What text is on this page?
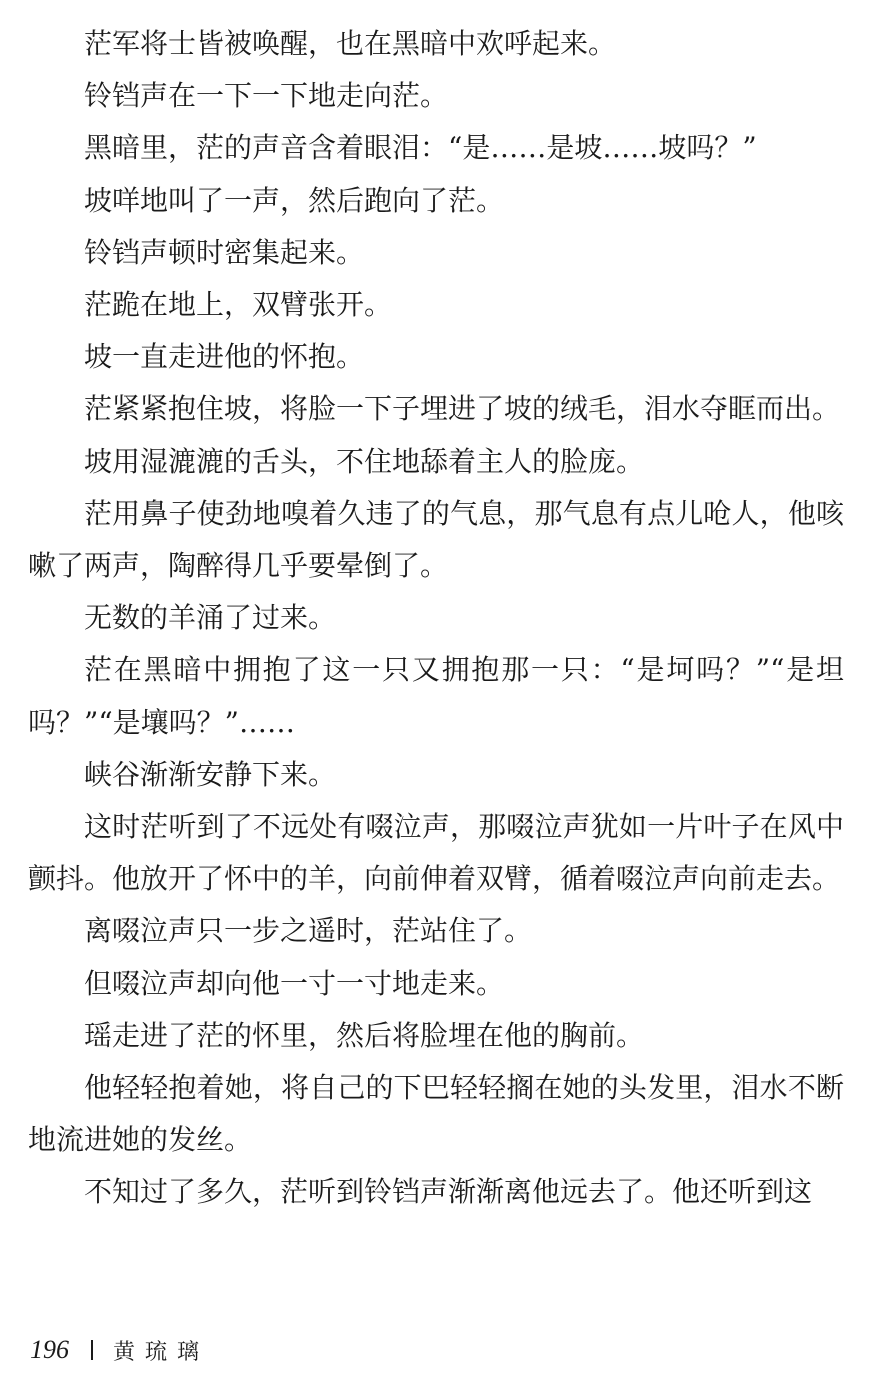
茫军将士皆被唤醒，也在黑暗中欢呼起来。

铃铛声在一下一下地走向茫。

黑暗里，茫的声音含着眼泪：“是……是坡……坡吗？”

坡咩地叫了一声，然后跑向了茫。

铃铛声顿时密集起来。

茫跪在地上，双臂张开。

坡一直走进他的怀抱。

茫紧紧抱住坡，将脸一下子埋进了坡的绒毛，泪水夺眶而出。

坡用湿漉漉的舌头，不住地舔着主人的脸庞。

茫用鼻子使劲地嗅着久违了的气息，那气息有点儿呛人，他咳嗽了两声，陶醉得几乎要晕倒了。

无数的羊涌了过来。

茫在黑暗中拥抱了这一只又拥抱那一只：“是坷吗？”“是坦吗？”“是壤吗？”……

峡谷渐渐安静下来。

这时茫听到了不远处有啜泣声，那啜泣声犹如一片叶子在风中颤抖。他放开了怀中的羊，向前伸着双臂，循着啜泣声向前走去。

离啜泣声只一步之遥时，茫站住了。

但啜泣声却向他一寸一寸地走来。

瑶走进了茫的怀里，然后将脸埋在他的胸前。

他轻轻抱着她，将自己的下巴轻轻搁在她的头发里，泪水不断地流进她的发丝。

不知过了多久，茫听到铃铛声渐渐离他远去了。他还听到这

196 黄琉璃
